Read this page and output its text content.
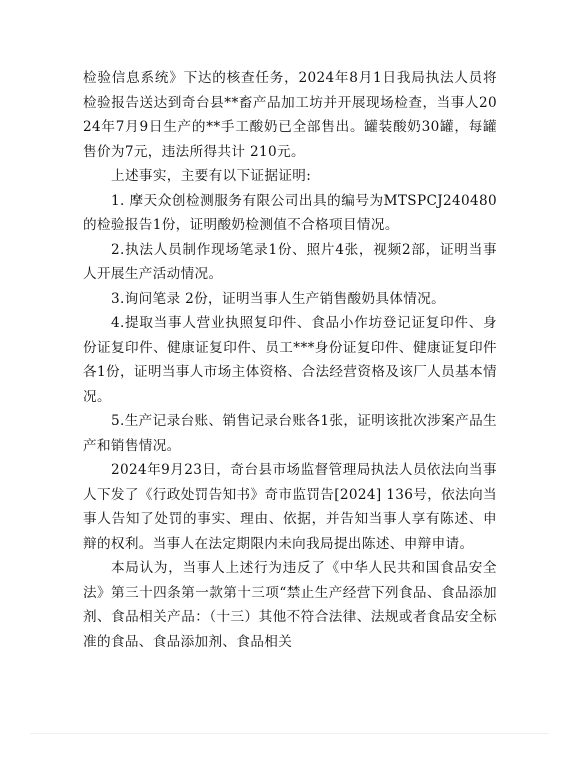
检验信息系统》下达的核查任务，2024年8月1日我局执法人员将检验报告送达到奇台县**畜产品加工坊并开展现场检查，当事人2024年7月9日生产的**手工酸奶已全部售出。罐装酸奶30罐，每罐售价为7元，违法所得共计 210元。

上述事实，主要有以下证据证明:

1. 摩天众创检测服务有限公司出具的编号为MTSPCJ240480的检验报告1份，证明酸奶检测值不合格项目情况。

2.执法人员制作现场笔录1份、照片4张，视频2部，证明当事人开展生产活动情况。

3.询问笔录 2份，证明当事人生产销售酸奶具体情况。

4.提取当事人营业执照复印件、食品小作坊登记证复印件、身份证复印件、健康证复印件、员工***身份证复印件、健康证复印件各1份，证明当事人市场主体资格、合法经营资格及该厂人员基本情况。

5.生产记录台账、销售记录台账各1张，证明该批次涉案产品生产和销售情况。

2024年9月23日，奇台县市场监督管理局执法人员依法向当事人下发了《行政处罚告知书》奇市监罚告[2024] 136号，依法向当事人告知了处罚的事实、理由、依据，并告知当事人享有陈述、申辩的权利。当事人在法定期限内未向我局提出陈述、申辩申请。

本局认为，当事人上述行为违反了《中华人民共和国食品安全法》第三十四条第一款第十三项“禁止生产经营下列食品、食品添加剂、食品相关产品：（十三）其他不符合法律、法规或者食品安全标准的食品、食品添加剂、食品相关
